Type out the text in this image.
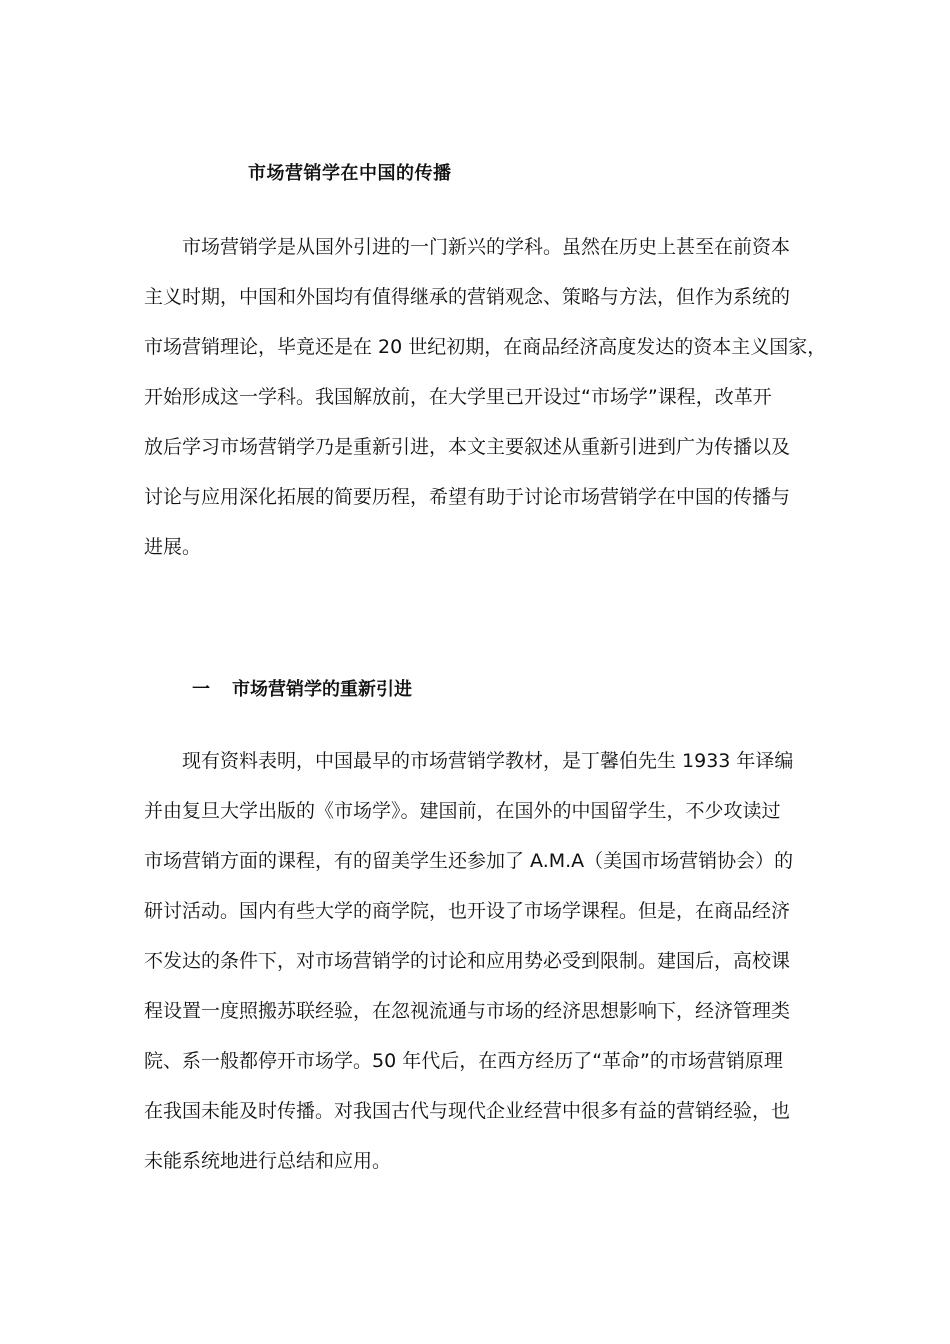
市场营销学在中国的传播

市场营销学是从国外引进的一门新兴的学科。虽然在历史上甚至在前资本

主义时期，中国和外国均有值得继承的营销观念、策略与方法，但作为系统的

市场营销理论，毕竟还是在 20 世纪初期，在商品经济高度发达的资本主义国家，

开始形成这一学科。我国解放前，在大学里已开设过“市场学”课程，改革开

放后学习市场营销学乃是重新引进，本文主要叙述从重新引进到广为传播以及

讨论与应用深化拓展的简要历程，希望有助于讨论市场营销学在中国的传播与

进展。

一 市场营销学的重新引进

现有资料表明，中国最早的市场营销学教材，是丁馨伯先生 1933 年译编

并由复旦大学出版的《市场学》。建国前，在国外的中国留学生，不少攻读过

市场营销方面的课程，有的留美学生还参加了 A.M.A（美国市场营销协会）的

研讨活动。国内有些大学的商学院，也开设了市场学课程。但是，在商品经济

不发达的条件下，对市场营销学的讨论和应用势必受到限制。建国后，高校课

程设置一度照搬苏联经验，在忽视流通与市场的经济思想影响下，经济管理类

院、系一般都停开市场学。50 年代后，在西方经历了“革命”的市场营销原理

在我国未能及时传播。对我国古代与现代企业经营中很多有益的营销经验，也

未能系统地进行总结和应用。
